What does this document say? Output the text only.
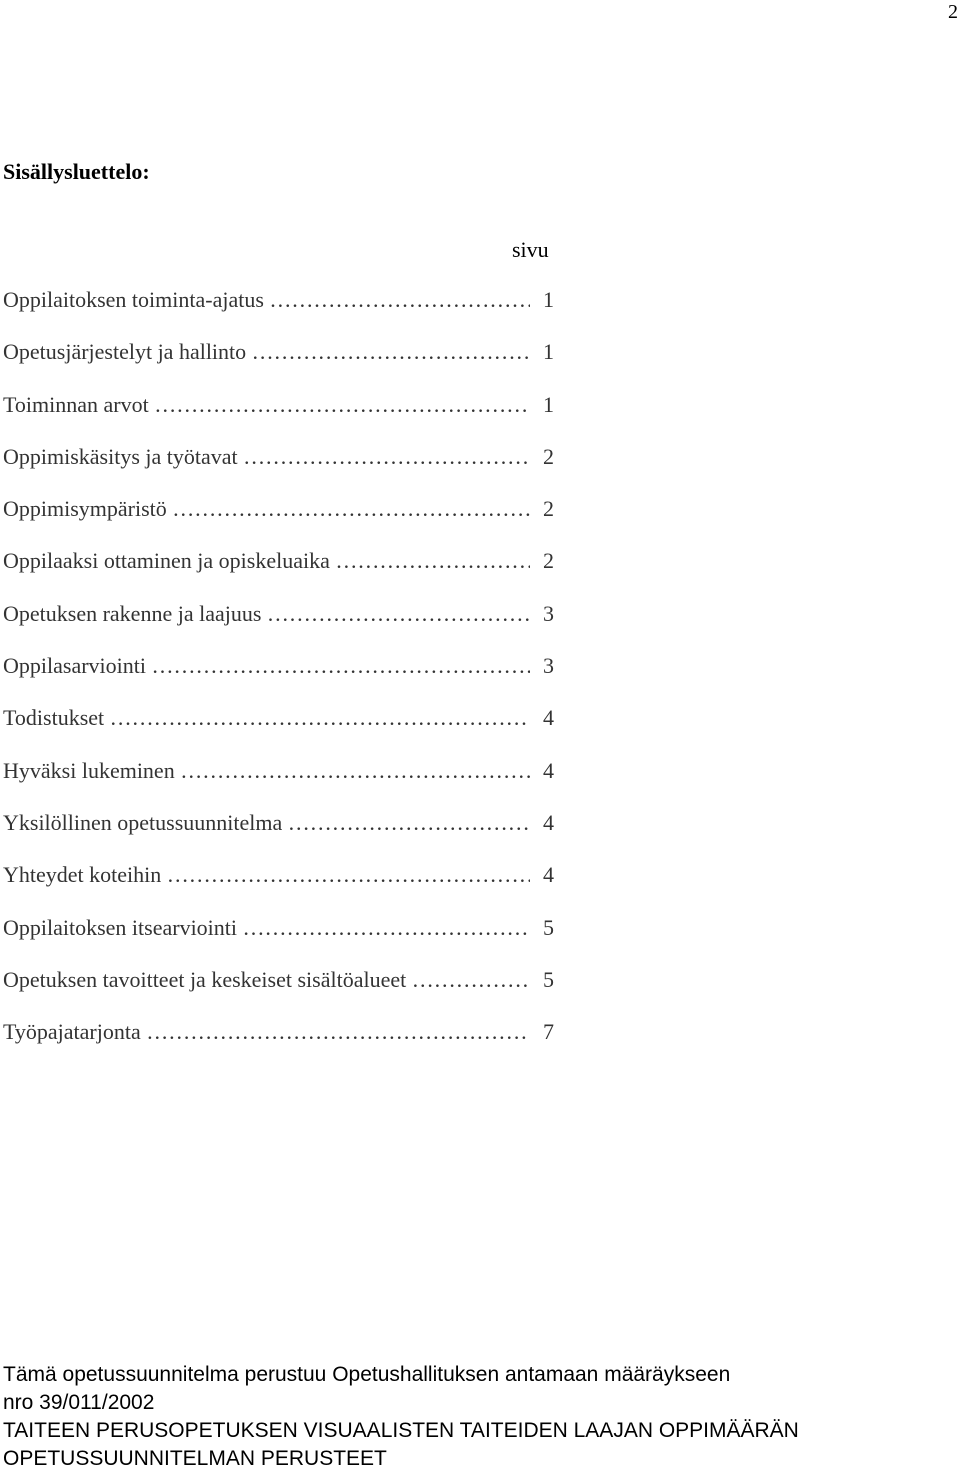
2
Sisällysluettelo:
sivu
Oppilaitoksen toiminta-ajatus ……………………………………………………………………………………………………………………	1
Opetusjärjestelyt ja hallinto ……………………………………………………………………………………………………………………	1
Toiminnan arvot ……………………………………………………………………………………………………………………	1
Oppimiskäsitys ja työtavat ……………………………………………………………………………………………………………………	2
Oppimisympäristö ……………………………………………………………………………………………………………………	2
Oppilaaksi ottaminen ja opiskeluaika ……………………………………………………………………………………………………………………	2
Opetuksen rakenne ja laajuus ……………………………………………………………………………………………………………………	3
Oppilasarviointi ……………………………………………………………………………………………………………………	3
Todistukset ……………………………………………………………………………………………………………………	4
Hyväksi lukeminen ……………………………………………………………………………………………………………………	4
Yksilöllinen opetussuunnitelma ……………………………………………………………………………………………………………………	4
Yhteydet koteihin ……………………………………………………………………………………………………………………	4
Oppilaitoksen itsearviointi ……………………………………………………………………………………………………………………	5
Opetuksen tavoitteet ja keskeiset sisältöalueet ……………………………………………………………………………………………………………………	5
Työpajatarjonta ……………………………………………………………………………………………………………………	7
Tämä opetussuunnitelma perustuu Opetushallituksen antamaan määräykseen
nro 39/011/2002
TAITEEN PERUSOPETUKSEN VISUAALISTEN TAITEIDEN LAAJAN OPPIMÄÄRÄN
OPETUSSUUNNITELMAN PERUSTEET
